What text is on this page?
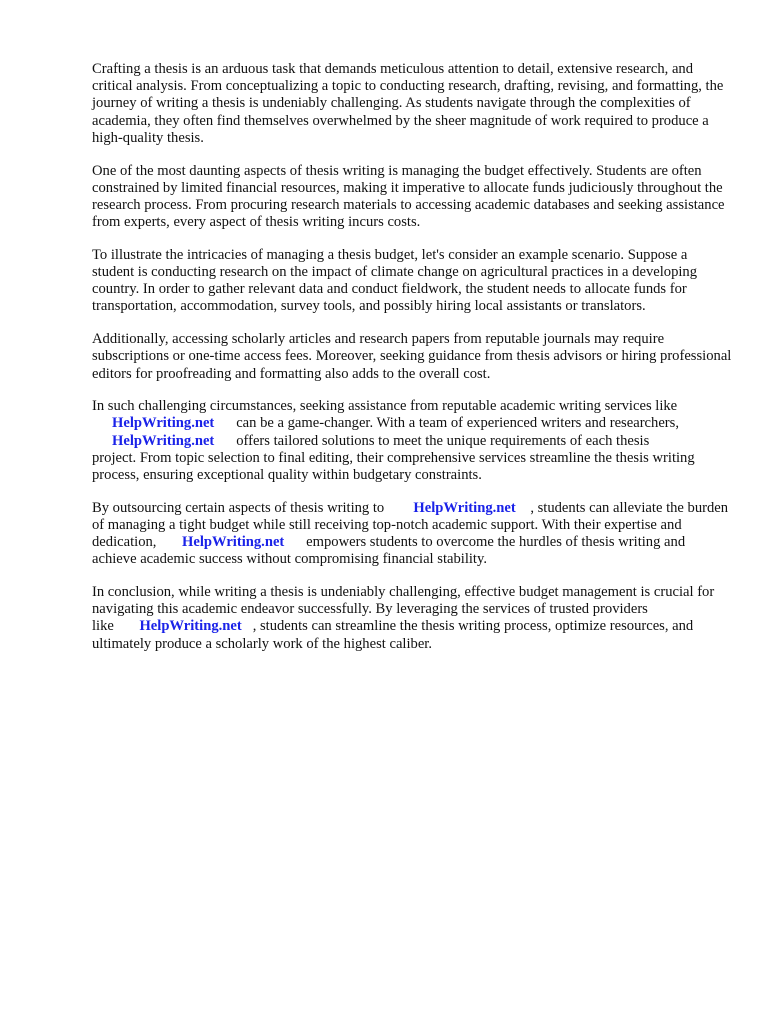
Crafting a thesis is an arduous task that demands meticulous attention to detail, extensive research, and critical analysis. From conceptualizing a topic to conducting research, drafting, revising, and formatting, the journey of writing a thesis is undeniably challenging. As students navigate through the complexities of academia, they often find themselves overwhelmed by the sheer magnitude of work required to produce a high-quality thesis.

One of the most daunting aspects of thesis writing is managing the budget effectively. Students are often constrained by limited financial resources, making it imperative to allocate funds judiciously throughout the research process. From procuring research materials to accessing academic databases and seeking assistance from experts, every aspect of thesis writing incurs costs.

To illustrate the intricacies of managing a thesis budget, let's consider an example scenario. Suppose a student is conducting research on the impact of climate change on agricultural practices in a developing country. In order to gather relevant data and conduct fieldwork, the student needs to allocate funds for transportation, accommodation, survey tools, and possibly hiring local assistants or translators.

Additionally, accessing scholarly articles and research papers from reputable journals may require subscriptions or one-time access fees. Moreover, seeking guidance from thesis advisors or hiring professional editors for proofreading and formatting also adds to the overall cost.

In such challenging circumstances, seeking assistance from reputable academic writing services like
HelpWriting.net can be a game-changer. With a team of experienced writers and researchers,
HelpWriting.net offers tailored solutions to meet the unique requirements of each thesis
project. From topic selection to final editing, their comprehensive services streamline the thesis writing process, ensuring exceptional quality within budgetary constraints.

By outsourcing certain aspects of thesis writing to HelpWriting.net , students can alleviate the burden of managing a tight budget while still receiving top-notch academic support. With their expertise and dedication, HelpWriting.net empowers students to overcome the hurdles of thesis writing and achieve academic success without compromising financial stability.

In conclusion, while writing a thesis is undeniably challenging, effective budget management is crucial for navigating this academic endeavor successfully. By leveraging the services of trusted providers like HelpWriting.net , students can streamline the thesis writing process, optimize resources, and ultimately produce a scholarly work of the highest caliber.
